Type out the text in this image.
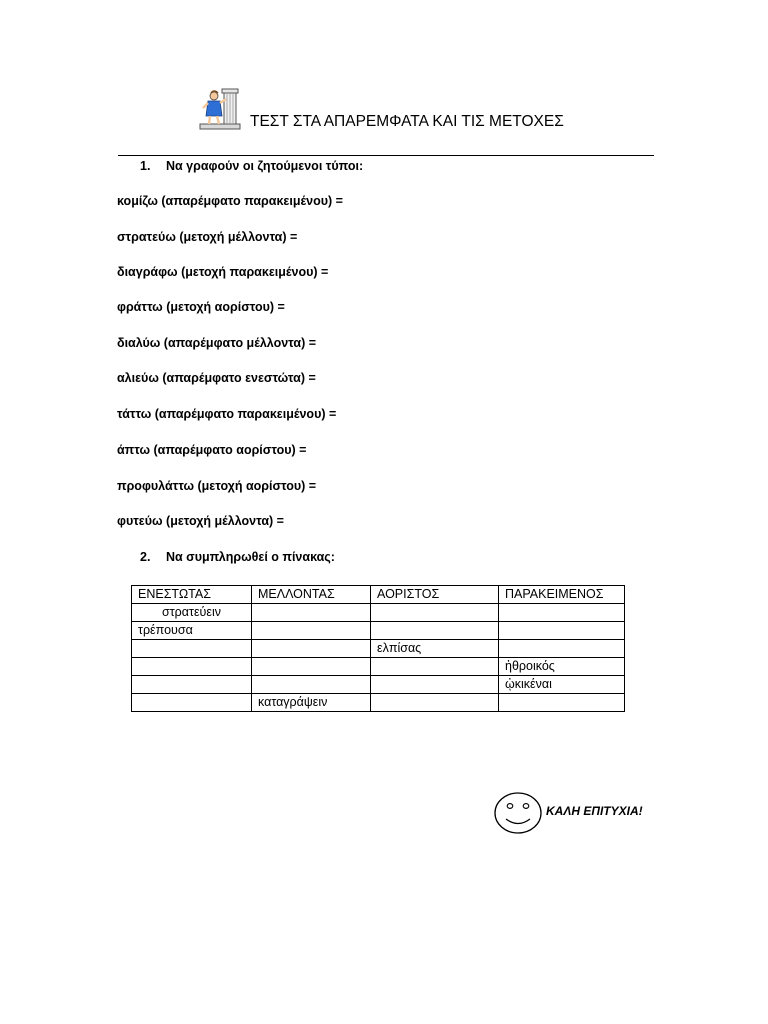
ΤΕΣΤ ΣΤΑ ΑΠΑΡΕΜΦΑΤΑ ΚΑΙ ΤΙΣ ΜΕΤΟΧΕΣ
1. Να γραφούν οι ζητούμενοι τύποι:
κομίζω (απαρέμφατο παρακειμένου) =
στρατεύω (μετοχή μέλλοντα) =
διαγράφω (μετοχή παρακειμένου) =
φράττω (μετοχή αορίστου) =
διαλύω (απαρέμφατο μέλλοντα) =
αλιεύω (απαρέμφατο ενεστώτα) =
τάττω (απαρέμφατο παρακειμένου) =
άπτω (απαρέμφατο αορίστου) =
προφυλάττω (μετοχή αορίστου) =
φυτεύω (μετοχή μέλλοντα) =
2. Να συμπληρωθεί ο πίνακας:
ΕΝΕΣΤΩΤΑΣ	ΜΕΛΛΟΝΤΑΣ	ΑΟΡΙΣΤΟΣ	ΠΑΡΑΚΕΙΜΕΝΟΣ
στρατεύειν			
τρέπουσα			
		ελπίσας	
			ἠθροικός
			ᾠκικέναι
	καταγράψειν		
ΚΑΛΗ ΕΠΙΤΥΧΙΑ!
